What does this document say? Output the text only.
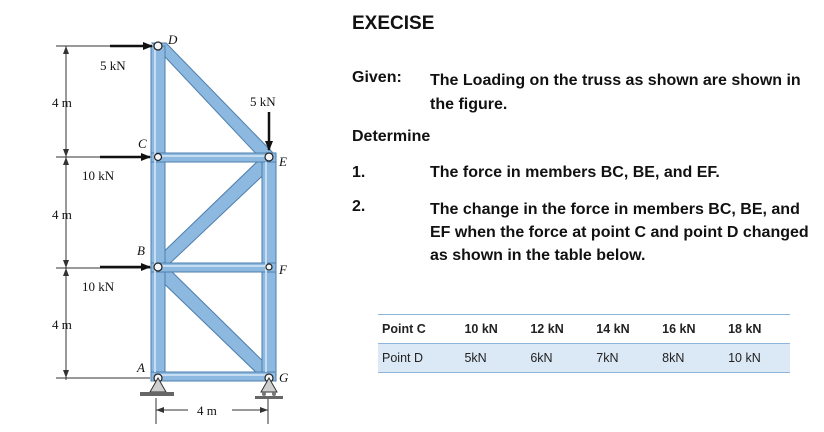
5 kN
5 kN
10 kN
10 kN
4 m
4 m
4 m
4 m
D
C
E
B
F
A
G
EXECISE
Given: The Loading on the truss as shown are shown in the figure.
Determine
1.	The force in members BC, BE, and EF.
2.	The change in the force in members BC, BE, and EF when the force at point C and point D changed as shown in the table below.
Point C	10 kN	12 kN	14 kN	16 kN	18 kN
Point D	5kN	6kN	7kN	8kN	10 kN
